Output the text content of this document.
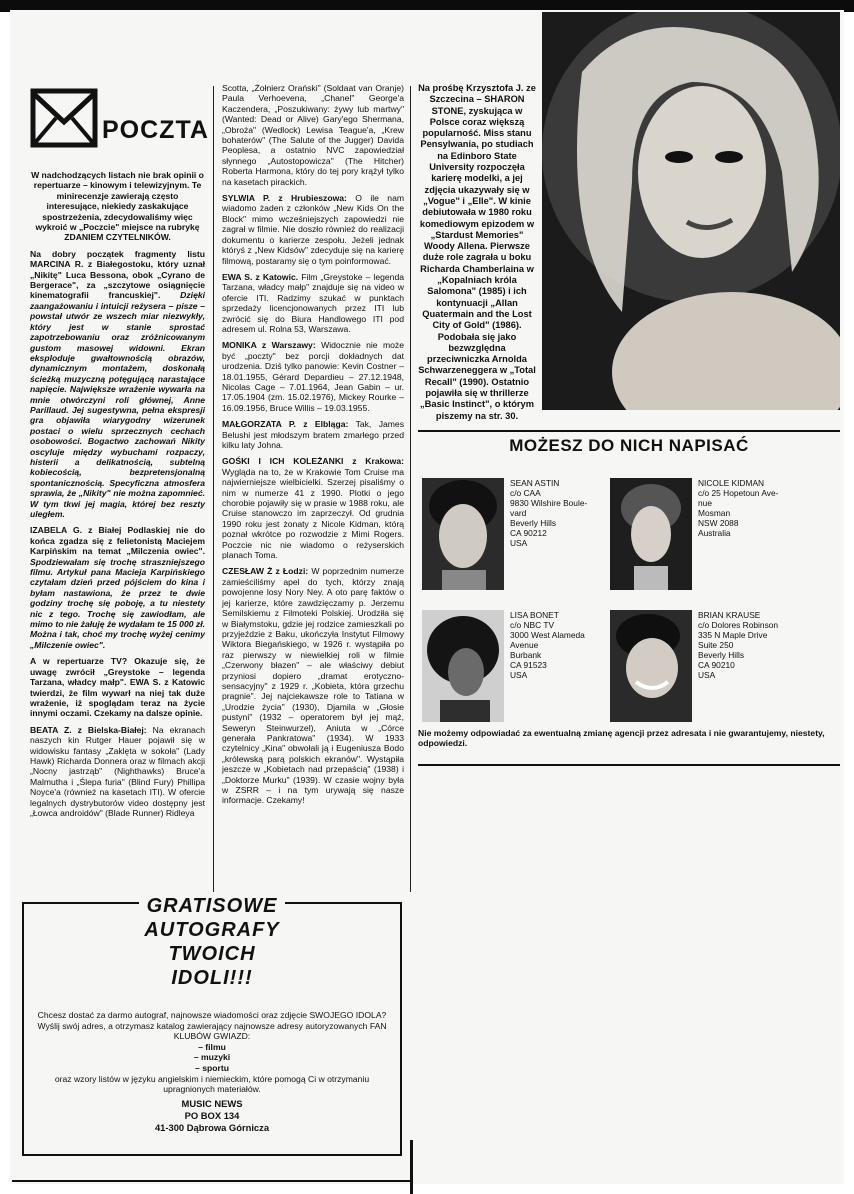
POCZTA

W nadchodzących listach nie brak opinii o repertuarze – kinowym i telewizyjnym. Te minirecenzje zawierają często interesujące, niekiedy zaskakujące spostrzeżenia, zdecydowaliśmy więc wykroić w „Poczcie" miejsce na rubrykę ZDANIEM CZYTELNIKÓW.

Na dobry początek fragmenty listu MARCINA R. z Białegostoku, który uznał „Nikitę" Luca Bessona, obok „Cyrano de Bergerace", za „szczytowe osiągnięcie kinematografii francuskiej". Dzięki zaangażowaniu i intuicji reżysera – pisze – powstał utwór ze wszech miar niezwykły, który jest w stanie sprostać zapotrzebowaniu oraz zróżnicowanym gustom masowej widowni. Ekran eksploduje gwałtownością obrazów, dynamicznym montażem, doskonałą ścieżką muzyczną potęgującą narastające napięcie. Największe wrażenie wywarła na mnie otwórczyni roli głównej, Anne Parillaud. Jej sugestywna, pełna ekspresji gra objawiła wiarygodny wizerunek postaci o wielu sprzecznych cechach osobowości. Bogactwo zachowań Nikity oscyluje między wybuchami rozpaczy, histerii a delikatnością, subtelną kobiecością, bezpretensjonalną spontanicznością. Specyficzna atmosfera sprawia, że „Nikity" nie można zapomnieć. W tym tkwi jej magia, której bez reszty uległem.

IZABELA G. z Białej Podlaskiej nie do końca zgadza się z felietonistą Maciejem Karpińskim na temat „Milczenia owiec". Spodziewałam się trochę straszniejszego filmu. Artykuł pana Macieja Karpińskiego czytałam dzień przed pójściem do kina i byłam nastawiona, że przez te dwie godziny trochę się poboję, a tu niestety nic z tego. Trochę się zawiodłam, ale mimo to nie żałuję że wydałam te 15 000 zł. Można i tak, choć my trochę wyżej cenimy „Milczenie owiec".

A w repertuarze TV? Okazuje się, że uwagę zwrócił „Greystoke – legenda Tarzana, władcy małp". EWA S. z Katowic twierdzi, że film wywarł na niej tak duże wrażenie, iż spoglądam teraz na życie innymi oczami. Czekamy na dalsze opinie.

BEATA Z. z Bielska-Białej: Na ekranach naszych kin Rutger Hauer pojawił się w widowisku fantasy „Zaklęta w sokoła" (Lady Hawk) Richarda Donnera oraz w filmach akcji „Nocny jastrząb" (Nighthawks) Bruce'a Malmutha i „Ślepa furia" (Blind Fury) Phillipa Noyce'a (również na kasetach ITI). W ofercie legalnych dystrybutorów video dostępny jest „Łowca androidów" (Blade Runner) Ridleya

Scotta, „Żołnierz Orański" (Soldaat van Oranje) Paula Verhoevena, „Chanel" George'a Kaczendera, „Poszukiwany: żywy lub martwy" (Wanted: Dead or Alive) Gary'ego Shermana, „Obroża" (Wedlock) Lewisa Teague'a, „Krew bohaterów" (The Salute of the Jugger) Davida Peoplesa, a ostatnio NVC zapowiedział słynnego „Autostopowicza" (The Hitcher) Roberta Harmona, który do tej pory krążył tylko na kasetach pirackich.

SYLWIA P. z Hrubieszowa: O ile nam wiadomo żaden z członków „New Kids On the Block" mimo wcześniejszych zapowiedzi nie zagrał w filmie. Nie doszło również do realizacji dokumentu o karierze zespołu. Jeżeli jednak któryś z „New Kidsów" zdecyduje się na karierę filmową, postaramy się o tym poinformować.

EWA S. z Katowic. Film „Greystoke – legenda Tarzana, władcy małp" znajduje się na video w ofercie ITI. Radzimy szukać w punktach sprzedaży licencjonowanych przez ITI lub zwrócić się do Biura Handlowego ITI pod adresem ul. Rolna 53, Warszawa.

MONIKA z Warszawy: Widocznie nie może być „poczty" bez porcji dokładnych dat urodzenia. Dziś tylko panowie: Kevin Costner – 18.01.1955, Gérard Depardieu – 27.12.1948, Nicolas Cage – 7.01.1964, Jean Gabin – ur. 17.05.1904 (zm. 15.02.1976), Mickey Rourke – 16.09.1956, Bruce Willis – 19.03.1955.

MAŁGORZATA P. z Elbląga: Tak, James Belushi jest młodszym bratem zmarłego przed kilku laty Johna.

GOŚKI I ICH KOLEŻANKI z Krakowa: Wygląda na to, że w Krakowie Tom Cruise ma najwierniejsze wielbicielki. Szerzej pisaliśmy o nim w numerze 41 z 1990. Plotki o jego chorobie pojawiły się w prasie w 1988 roku, ale Cruise stanowczo im zaprzeczył. Od grudnia 1990 roku jest żonaty z Nicole Kidman, którą poznał wkrótce po rozwodzie z Mimi Rogers. Poczcie nic nie wiadomo o reżyserskich planach Toma.

CZESŁAW Ż z Łodzi: W poprzednim numerze zamieściliśmy apel do tych, którzy znają powojenne losy Nory Ney. A oto parę faktów o jej karierze, które zawdzięczamy p. Jerzemu Semilskiemu z Filmoteki Polskiej. Urodziła się w Białymstoku, gdzie jej rodzice zamieszkali po przyjeździe z Baku, ukończyła Instytut Filmowy Wiktora Biegańskiego, w 1926 r. wystąpiła po raz pierwszy w niewielkiej roli w filmie „Czerwony błazen" – ale właściwy debiut przyniosi dopiero „dramat erotyczno-sensacyjny" z 1929 r. „Kobieta, która grzechu pragnie". Jej najciekawsze role to Tatiana w „Urodzie życia" (1930), Djamila w „Głosie pustyni" (1932 – operatorem był jej mąż, Seweryn Steinwurzel), Aniuta w „Córce generała Pankratowa" (1934). W 1933 czytelnicy „Kina" obwołali ją i Eugeniusza Bodo „królewską parą polskich ekranów". Wystąpiła jeszcze w „Kobietach nad przepaścią" (1938) i „Doktorze Murku" (1939). W czasie wojny była w ZSRR – i na tym urywają się nasze informacje. Czekamy!

Na prośbę Krzysztofa J. ze Szczecina – SHARON STONE, zyskująca w Polsce coraz większą popularność. Miss stanu Pensylwania, po studiach na Edinboro State University rozpoczęła karierę modelki, a jej zdjęcia ukazywały się w „Vogue" i „Elle". W kinie debiutowała w 1980 roku komediowym epizodem w „Stardust Memories" Woody Allena. Pierwsze duże role zagrała u boku Richarda Chamberlaina w „Kopalniach króla Salomona" (1985) i ich kontynuacji „Allan Quatermain and the Lost City of Gold" (1986). Podobała się jako bezwzględna przeciwniczka Arnolda Schwarzeneggera w „Total Recall" (1990). Ostatnio pojawiła się w thrillerze „Basic Instinct", o którym piszemy na str. 30.

MOŻESZ DO NICH NAPISAĆ
SEAN ASTIN
c/o CAA
9830 Wilshire Boule-
vard
Beverly Hills
CA 90212
USA
NICOLE KIDMAN
c/o 25 Hopetoun Ave-
nue
Mosman
NSW 2088
Australia
LISA BONET
c/o NBC TV
3000 West Alameda
Avenue
Burbank
CA 91523
USA
BRIAN KRAUSE
c/o Dolores Robinson
335 N Maple Drive
Suite 250
Beverly Hills
CA 90210
USA
Nie możemy odpowiadać za ewentualną zmianę agencji przez adresata i nie gwarantujemy, niestety, odpowiedzi.
GRATISOWE
AUTOGRAFY
TWOICH
IDOLI!!!

Chcesz dostać za darmo autograf, najnowsze wiadomości oraz zdjęcie SWOJEGO IDOLA?

Wyślij swój adres, a otrzymasz katalog zawierający najnowsze adresy autoryzowanych FAN KLUBÓW GWIAZD:

– filmu

– muzyki

– sportu

oraz wzory listów w języku angielskim i niemieckim, które pomogą Ci w otrzymaniu upragnionych materiałów.

MUSIC NEWS

PO BOX 134

41-300 Dąbrowa Górnicza
